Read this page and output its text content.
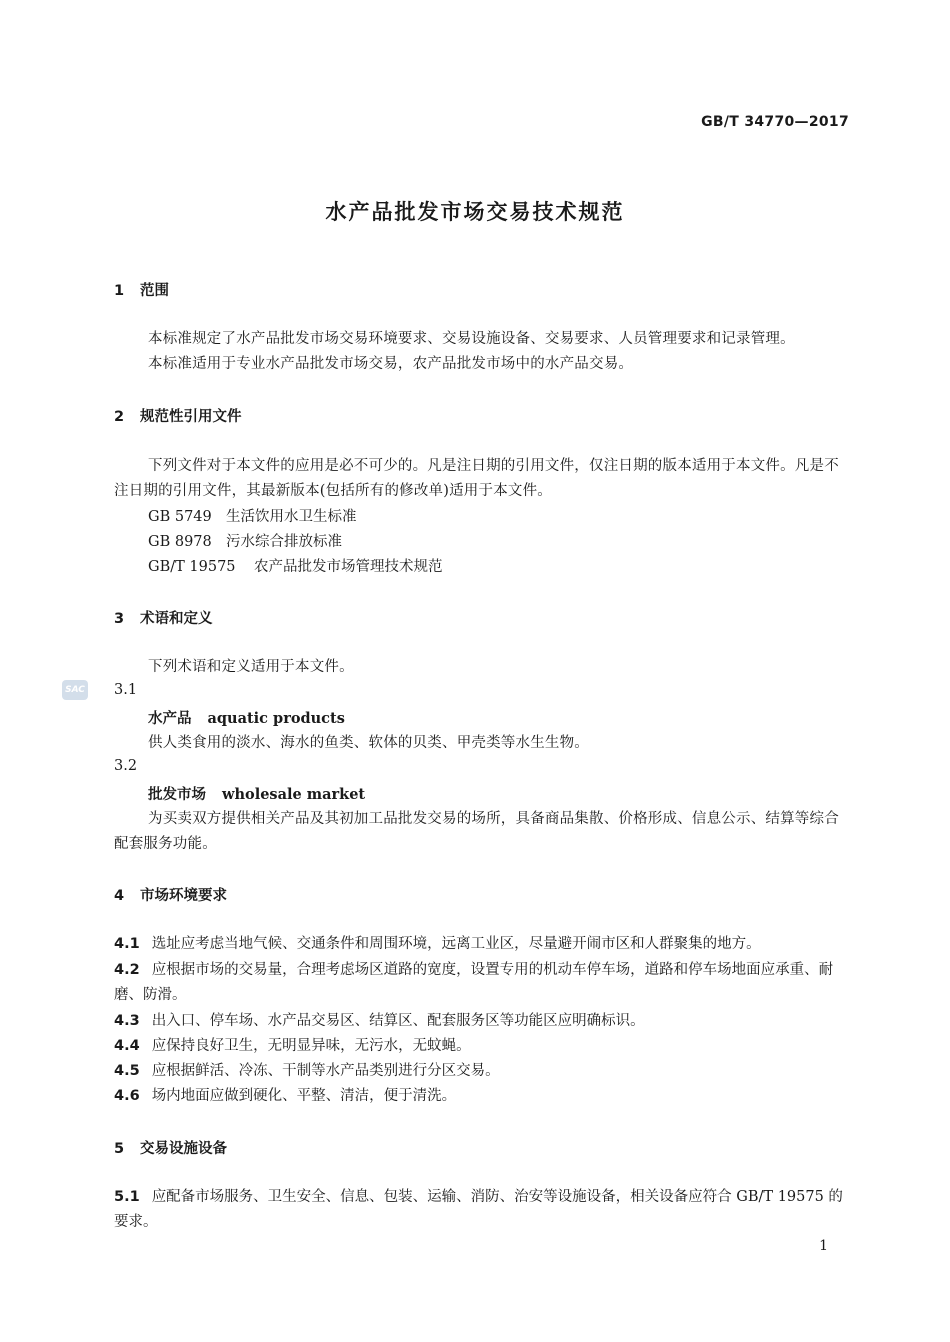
GB/T 34770—2017
水产品批发市场交易技术规范
1 范围
本标准规定了水产品批发市场交易环境要求、交易设施设备、交易要求、人员管理要求和记录管理。
本标准适用于专业水产品批发市场交易，农产品批发市场中的水产品交易。
2 规范性引用文件
下列文件对于本文件的应用是必不可少的。凡是注日期的引用文件，仅注日期的版本适用于本文件。凡是不注日期的引用文件，其最新版本(包括所有的修改单)适用于本文件。
GB 5749 生活饮用水卫生标准
GB 8978 污水综合排放标准
GB/T 19575 农产品批发市场管理技术规范
3 术语和定义
下列术语和定义适用于本文件。
SAC 3.1
水产品 aquatic products
供人类食用的淡水、海水的鱼类、软体的贝类、甲壳类等水生生物。
3.2
批发市场 wholesale market
为买卖双方提供相关产品及其初加工品批发交易的场所，具备商品集散、价格形成、信息公示、结算等综合配套服务功能。
4 市场环境要求
4.1 选址应考虑当地气候、交通条件和周围环境，远离工业区，尽量避开闹市区和人群聚集的地方。
4.2 应根据市场的交易量，合理考虑场区道路的宽度，设置专用的机动车停车场，道路和停车场地面应承重、耐磨、防滑。
4.3 出入口、停车场、水产品交易区、结算区、配套服务区等功能区应明确标识。
4.4 应保持良好卫生，无明显异味，无污水，无蚊蝇。
4.5 应根据鲜活、冷冻、干制等水产品类别进行分区交易。
4.6 场内地面应做到硬化、平整、清洁，便于清洗。
5 交易设施设备
5.1 应配备市场服务、卫生安全、信息、包装、运输、消防、治安等设施设备，相关设备应符合 GB/T 19575 的要求。
1
